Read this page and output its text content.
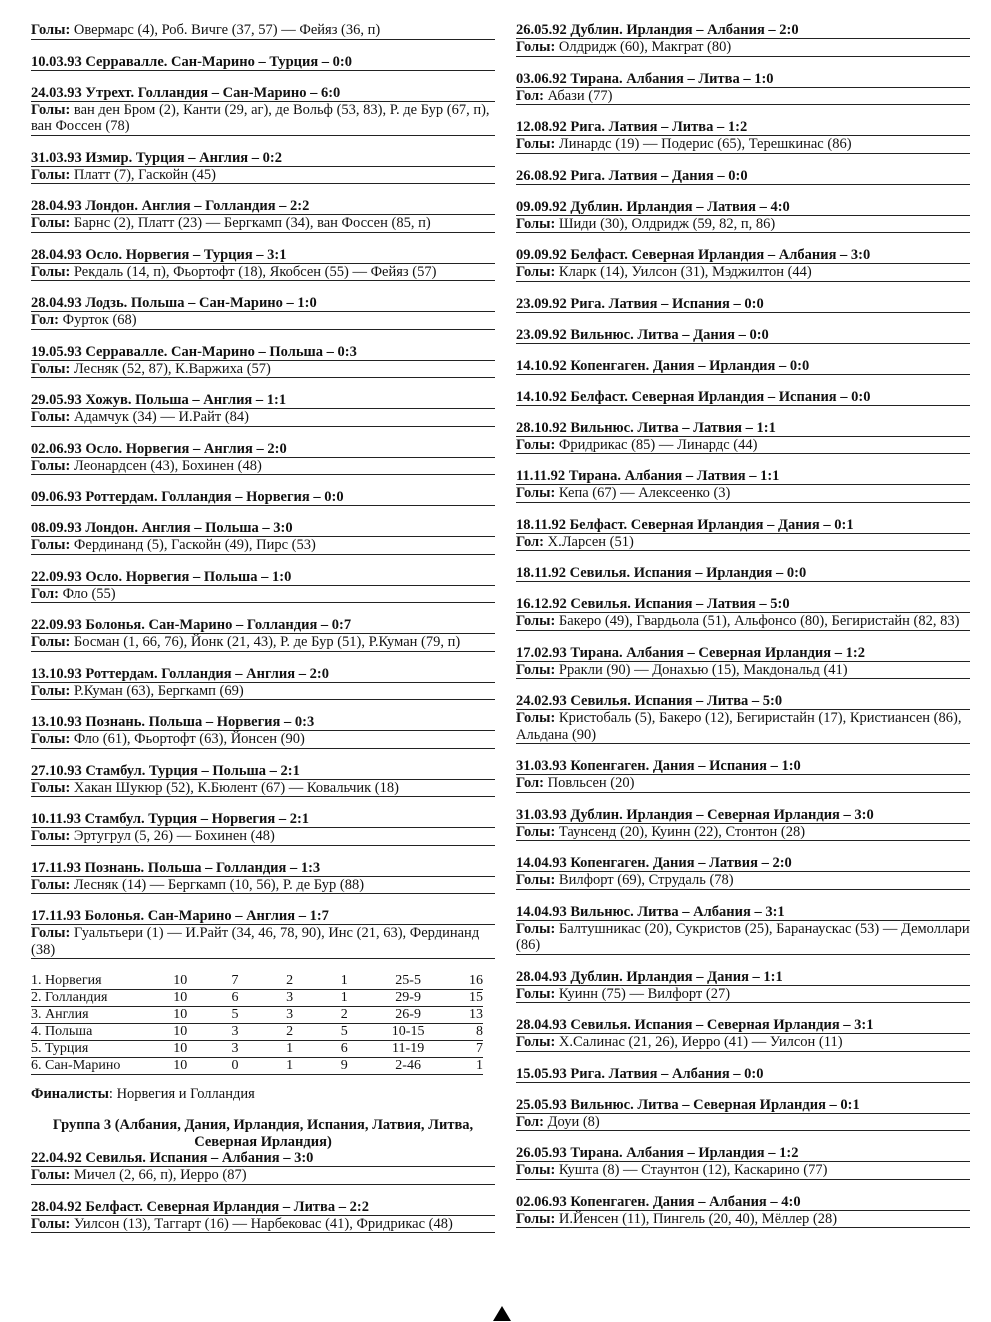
Голы: Овермарс (4), Роб. Вичге (37, 57) — Фейяз (36, п)
10.03.93 Серравалле. Сан-Марино – Турция – 0:0
24.03.93 Утрехт. Голландия – Сан-Марино – 6:0
Голы: ван ден Бром (2), Канти (29, аг), де Вольф (53, 83), Р. де Бур (67, п), ван Фоссен (78)
31.03.93 Измир. Турция – Англия – 0:2
Голы: Платт (7), Гаскойн (45)
28.04.93 Лондон. Англия – Голландия – 2:2
Голы: Барнс (2), Платт (23) — Бергкамп (34), ван Фоссен (85, п)
28.04.93 Осло. Норвегия – Турция – 3:1
Голы: Рекдаль (14, п), Фьортофт (18), Якобсен (55) — Фейяз (57)
28.04.93 Лодзь. Польша – Сан-Марино – 1:0
Гол: Фурток (68)
19.05.93 Серравалле. Сан-Марино – Польша – 0:3
Голы: Лесняк (52, 87), К.Варжиха (57)
29.05.93 Хожув. Польша – Англия – 1:1
Голы: Адамчук (34) — И.Райт (84)
02.06.93 Осло. Норвегия – Англия – 2:0
Голы: Леонардсен (43), Бохинен (48)
09.06.93 Роттердам. Голландия – Норвегия – 0:0
08.09.93 Лондон. Англия – Польша – 3:0
Голы: Фердинанд (5), Гаскойн (49), Пирс (53)
22.09.93 Осло. Норвегия – Польша – 1:0
Гол: Фло (55)
22.09.93 Болонья. Сан-Марино – Голландия – 0:7
Голы: Босман (1, 66, 76), Йонк (21, 43), Р. де Бур (51), Р.Куман (79, п)
13.10.93 Роттердам. Голландия – Англия – 2:0
Голы: Р.Куман (63), Бергкамп (69)
13.10.93 Познань. Польша – Норвегия – 0:3
Голы: Фло (61), Фьортофт (63), Йонсен (90)
27.10.93 Стамбул. Турция – Польша – 2:1
Голы: Хакан Шукюр (52), К.Бюлент (67) — Ковальчик (18)
10.11.93 Стамбул. Турция – Норвегия – 2:1
Голы: Эртугрул (5, 26) — Бохинен (48)
17.11.93 Познань. Польша – Голландия – 1:3
Голы: Лесняк (14) — Бергкамп (10, 56), Р. де Бур (88)
17.11.93 Болонья. Сан-Марино – Англия – 1:7
Голы: Гуальтьери (1) — И.Райт (34, 46, 78, 90), Инс (21, 63), Фердинанд (38)
1. Норвегия	10	7	2	1	25-5	16
2. Голландия	10	6	3	1	29-9	15
3. Англия	10	5	3	2	26-9	13
4. Польша	10	3	2	5	10-15	8
5. Турция	10	3	1	6	11-19	7
6. Сан-Марино	10	0	1	9	2-46	1
Финалисты: Норвегия и Голландия
Группа 3 (Албания, Дания, Ирландия, Испания, Латвия, Литва, Северная Ирландия)
22.04.92 Севилья. Испания – Албания – 3:0
Голы: Мичел (2, 66, п), Иерро (87)
28.04.92 Белфаст. Северная Ирландия – Литва – 2:2
Голы: Уилсон (13), Таггарт (16) — Нарбековас (41), Фридрикас (48)
26.05.92 Дублин. Ирландия – Албания – 2:0
Голы: Олдридж (60), Макграт (80)
03.06.92 Тирана. Албания – Литва – 1:0
Гол: Абази (77)
12.08.92 Рига. Латвия – Литва – 1:2
Голы: Линардс (19) — Подерис (65), Терешкинас (86)
26.08.92 Рига. Латвия – Дания – 0:0
09.09.92 Дублин. Ирландия – Латвия – 4:0
Голы: Шиди (30), Олдридж (59, 82, п, 86)
09.09.92 Белфаст. Северная Ирландия – Албания – 3:0
Голы: Кларк (14), Уилсон (31), Мэджилтон (44)
23.09.92 Рига. Латвия – Испания – 0:0
23.09.92 Вильнюс. Литва – Дания – 0:0
14.10.92 Копенгаген. Дания – Ирландия – 0:0
14.10.92 Белфаст. Северная Ирландия – Испания – 0:0
28.10.92 Вильнюс. Литва – Латвия – 1:1
Голы: Фридрикас (85) — Линардс (44)
11.11.92 Тирана. Албания – Латвия – 1:1
Голы: Кепа (67) — Алексеенко (3)
18.11.92 Белфаст. Северная Ирландия – Дания – 0:1
Гол: Х.Ларсен (51)
18.11.92 Севилья. Испания – Ирландия – 0:0
16.12.92 Севилья. Испания – Латвия – 5:0
Голы: Бакеро (49), Гвардьола (51), Альфонсо (80), Бегиристайн (82, 83)
17.02.93 Тирана. Албания – Северная Ирландия – 1:2
Голы: Рракли (90) — Донахью (15), Макдональд (41)
24.02.93 Севилья. Испания – Литва – 5:0
Голы: Кристобаль (5), Бакеро (12), Бегиристайн (17), Кристиансен (86), Альдана (90)
31.03.93 Копенгаген. Дания – Испания – 1:0
Гол: Повльсен (20)
31.03.93 Дублин. Ирландия – Северная Ирландия – 3:0
Голы: Таунсенд (20), Куинн (22), Стонтон (28)
14.04.93 Копенгаген. Дания – Латвия – 2:0
Голы: Вилфорт (69), Струдаль (78)
14.04.93 Вильнюс. Литва – Албания – 3:1
Голы: Балтушникас (20), Сукристов (25), Баранаускас (53) — Демоллари (86)
28.04.93 Дублин. Ирландия – Дания – 1:1
Голы: Куинн (75) — Вилфорт (27)
28.04.93 Севилья. Испания – Северная Ирландия – 3:1
Голы: Х.Салинас (21, 26), Иерро (41) — Уилсон (11)
15.05.93 Рига. Латвия – Албания – 0:0
25.05.93 Вильнюс. Литва – Северная Ирландия – 0:1
Гол: Доуи (8)
26.05.93 Тирана. Албания – Ирландия – 1:2
Голы: Кушта (8) — Стаунтон (12), Каскарино (77)
02.06.93 Копенгаген. Дания – Албания – 4:0
Голы: И.Йенсен (11), Пингель (20, 40), Мёллер (28)
